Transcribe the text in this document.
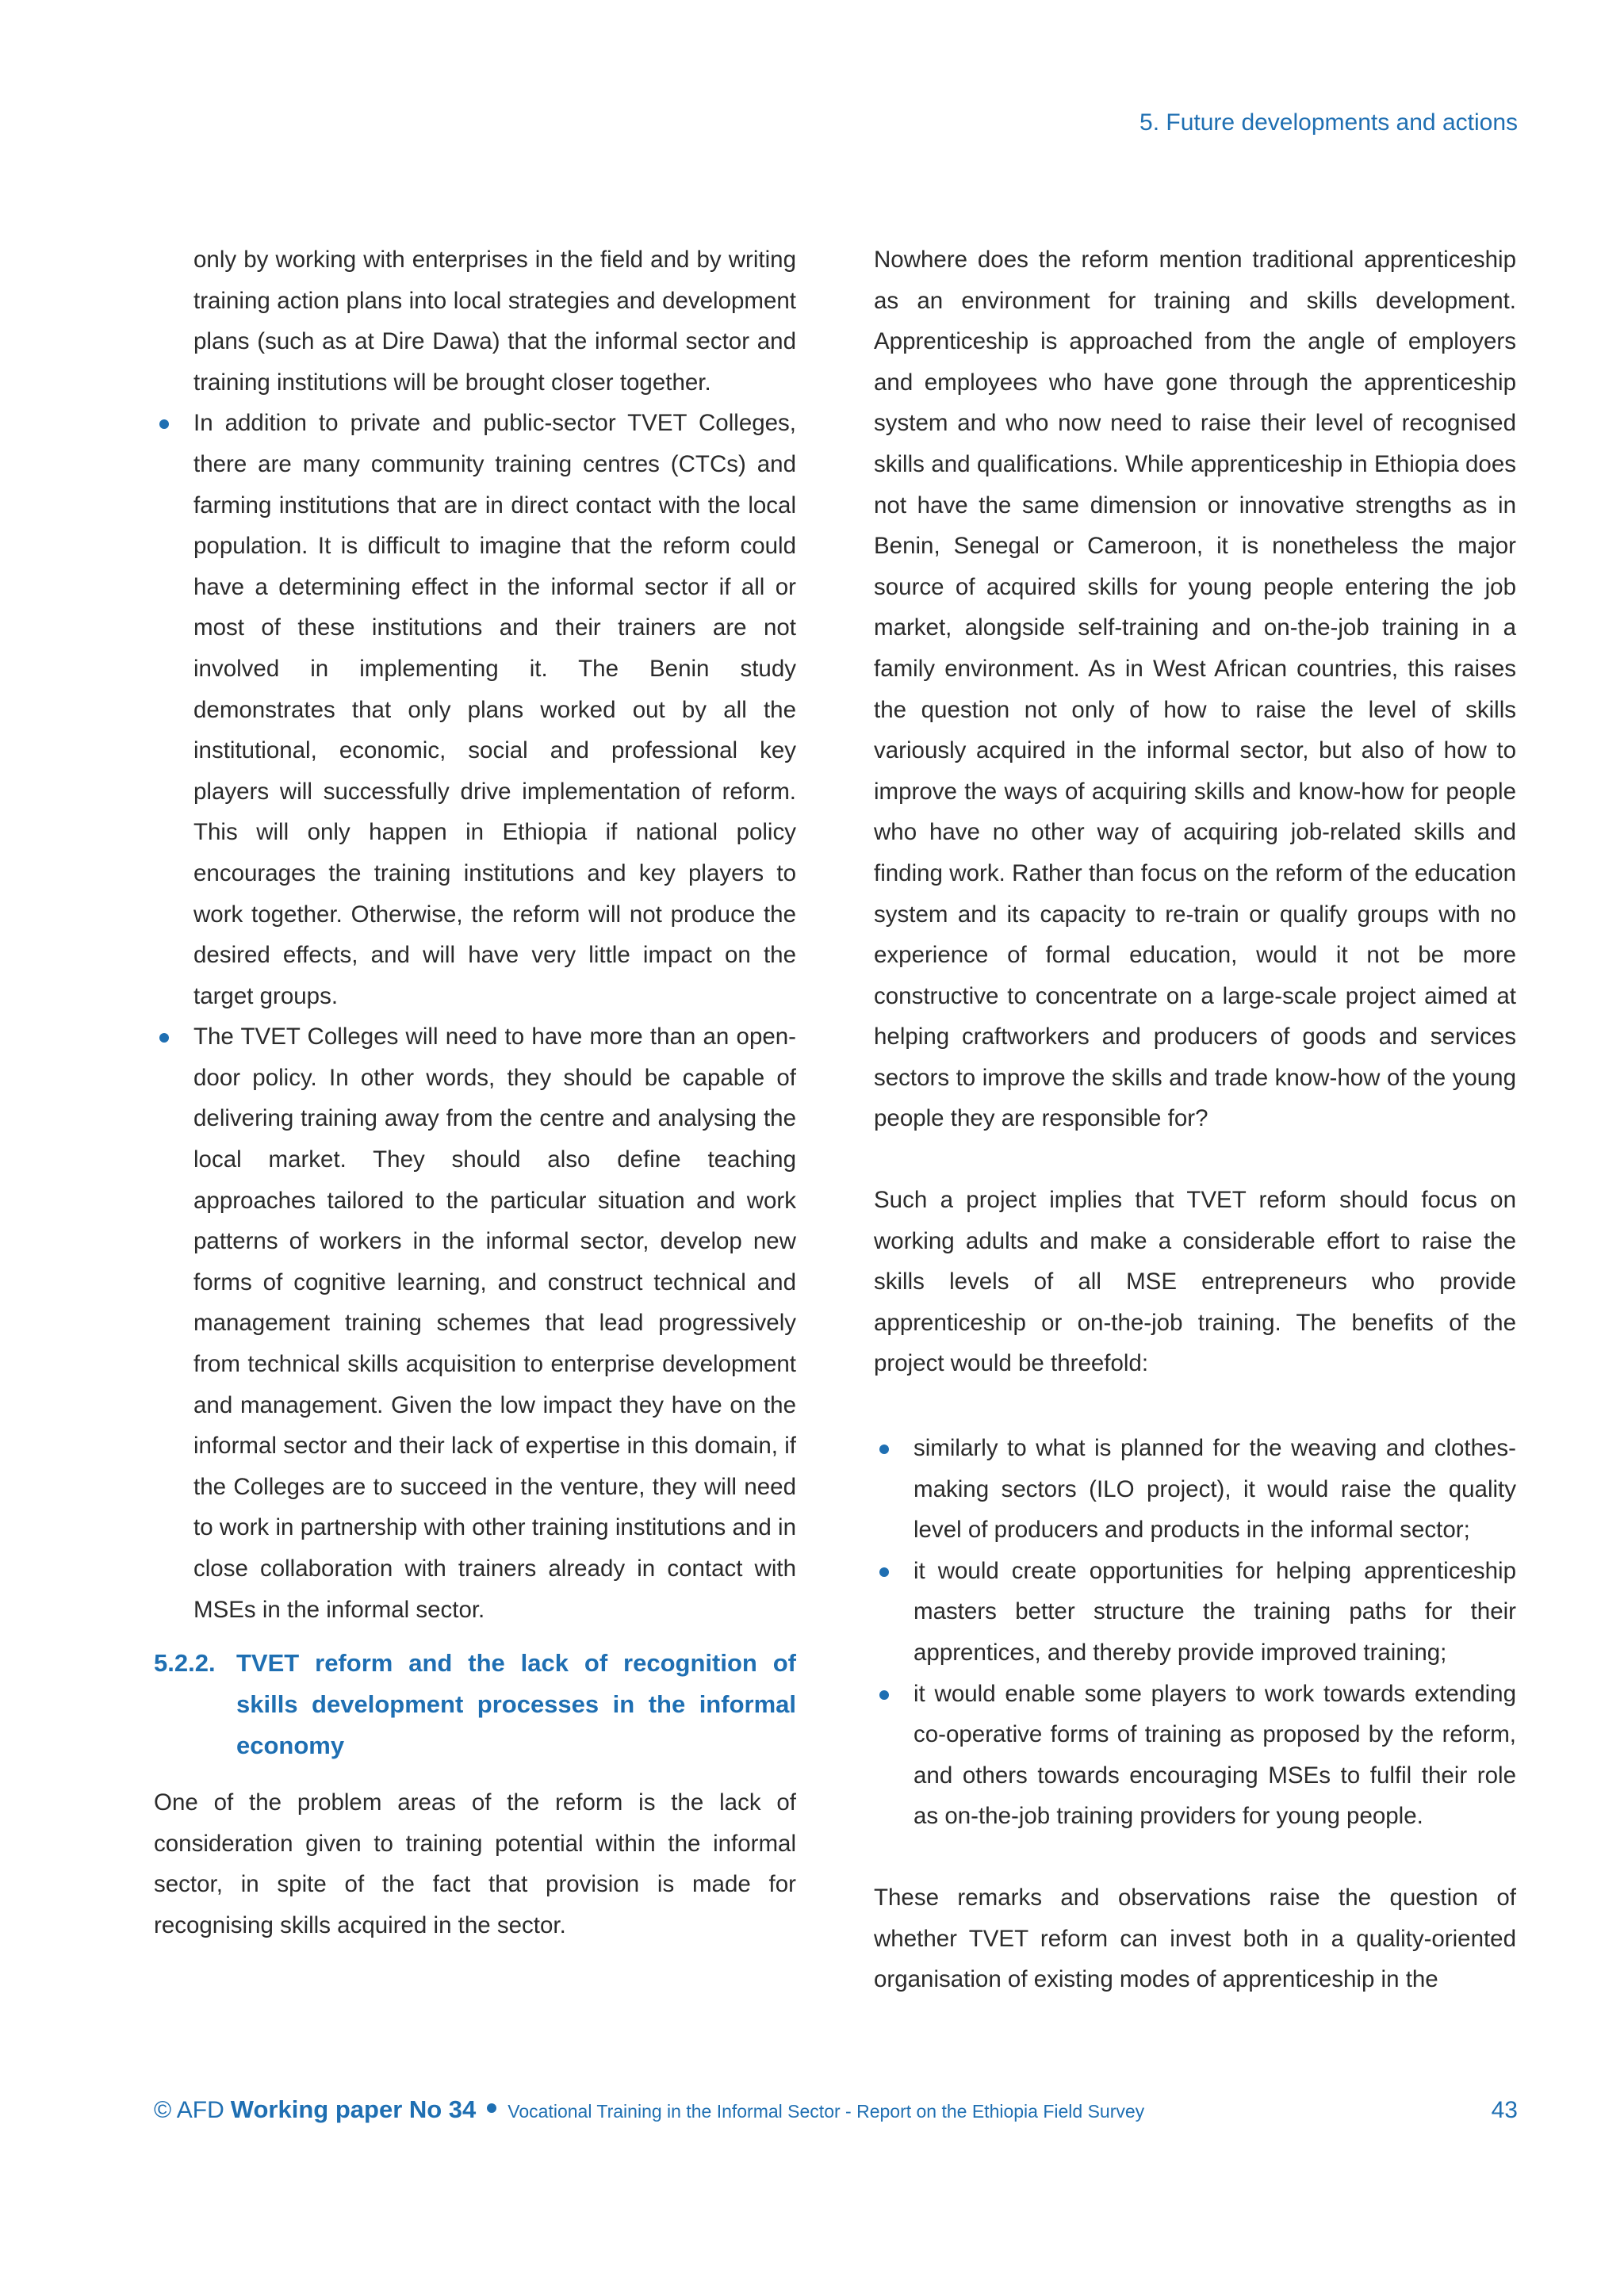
5. Future developments and actions

only by working with enterprises in the field and by writing training action plans into local strategies and development plans (such as at Dire Dawa) that the informal sector and training institutions will be brought closer together.

In addition to private and public-sector TVET Colleges, there are many community training centres (CTCs) and farming institutions that are in direct contact with the local population. It is difficult to imagine that the reform could have a determining effect in the informal sector if all or most of these institutions and their trainers are not involved in implementing it. The Benin study demonstrates that only plans worked out by all the institutional, economic, social and professional key players will successfully drive implementation of reform. This will only happen in Ethiopia if national policy encourages the training institutions and key players to work together. Otherwise, the reform will not produce the desired effects, and will have very little impact on the target groups.
The TVET Colleges will need to have more than an open-door policy. In other words, they should be capable of delivering training away from the centre and analysing the local market. They should also define teaching approaches tailored to the particular situation and work patterns of workers in the informal sector, develop new forms of cognitive learning, and construct technical and management training schemes that lead progressively from technical skills acquisition to enterprise development and management. Given the low impact they have on the informal sector and their lack of expertise in this domain, if the Colleges are to succeed in the venture, they will need to work in partnership with other training institutions and in close collaboration with trainers already in contact with MSEs in the informal sector.
5.2.2. TVET reform and the lack of recognition of skills development processes in the informal economy

One of the problem areas of the reform is the lack of consideration given to training potential within the informal sector, in spite of the fact that provision is made for recognising skills acquired in the sector.

Nowhere does the reform mention traditional apprenticeship as an environment for training and skills development. Apprenticeship is approached from the angle of employers and employees who have gone through the apprenticeship system and who now need to raise their level of recognised skills and qualifications. While apprenticeship in Ethiopia does not have the same dimension or innovative strengths as in Benin, Senegal or Cameroon, it is nonetheless the major source of acquired skills for young people entering the job market, alongside self-training and on-the-job training in a family environment. As in West African countries, this raises the question not only of how to raise the level of skills variously acquired in the informal sector, but also of how to improve the ways of acquiring skills and know-how for people who have no other way of acquiring job-related skills and finding work. Rather than focus on the reform of the education system and its capacity to re-train or qualify groups with no experience of formal education, would it not be more constructive to concentrate on a large-scale project aimed at helping craftworkers and producers of goods and services sectors to improve the skills and trade know-how of the young people they are responsible for?

Such a project implies that TVET reform should focus on working adults and make a considerable effort to raise the skills levels of all MSE entrepreneurs who provide apprenticeship or on-the-job training. The benefits of the project would be threefold:

similarly to what is planned for the weaving and clothes-making sectors (ILO project), it would raise the quality level of producers and products in the informal sector;
it would create opportunities for helping apprenticeship masters better structure the training paths for their apprentices, and thereby provide improved training;
it would enable some players to work towards extending co-operative forms of training as proposed by the reform, and others towards encouraging MSEs to fulfil their role as on-the-job training providers for young people.

These remarks and observations raise the question of whether TVET reform can invest both in a quality-oriented organisation of existing modes of apprenticeship in the

© AFD Working paper No 34 Vocational Training in the Informal Sector - Report on the Ethiopia Field Survey	43
